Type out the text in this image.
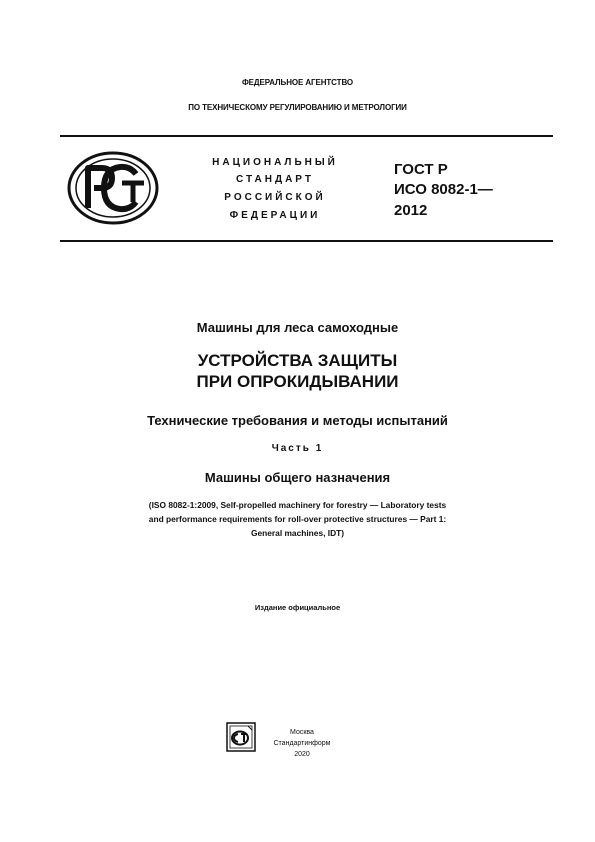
ФЕДЕРАЛЬНОЕ АГЕНТСТВО
ПО ТЕХНИЧЕСКОМУ РЕГУЛИРОВАНИЮ И МЕТРОЛОГИИ
НАЦИОНАЛЬНЫЙ
СТАНДАРТ
РОССИЙСКОЙ
ФЕДЕРАЦИИ
ГОСТ Р
ИСО 8082-1—
2012
Машины для леса самоходные
УСТРОЙСТВА ЗАЩИТЫ
ПРИ ОПРОКИДЫВАНИИ
Технические требования и методы испытаний
Часть 1
Машины общего назначения
(ISO 8082-1:2009, Self-propelled machinery for forestry — Laboratory tests
and performance requirements for roll-over protective structures — Part 1:
General machines, IDT)
Издание официальное
Москва
Стандартинформ
2020
